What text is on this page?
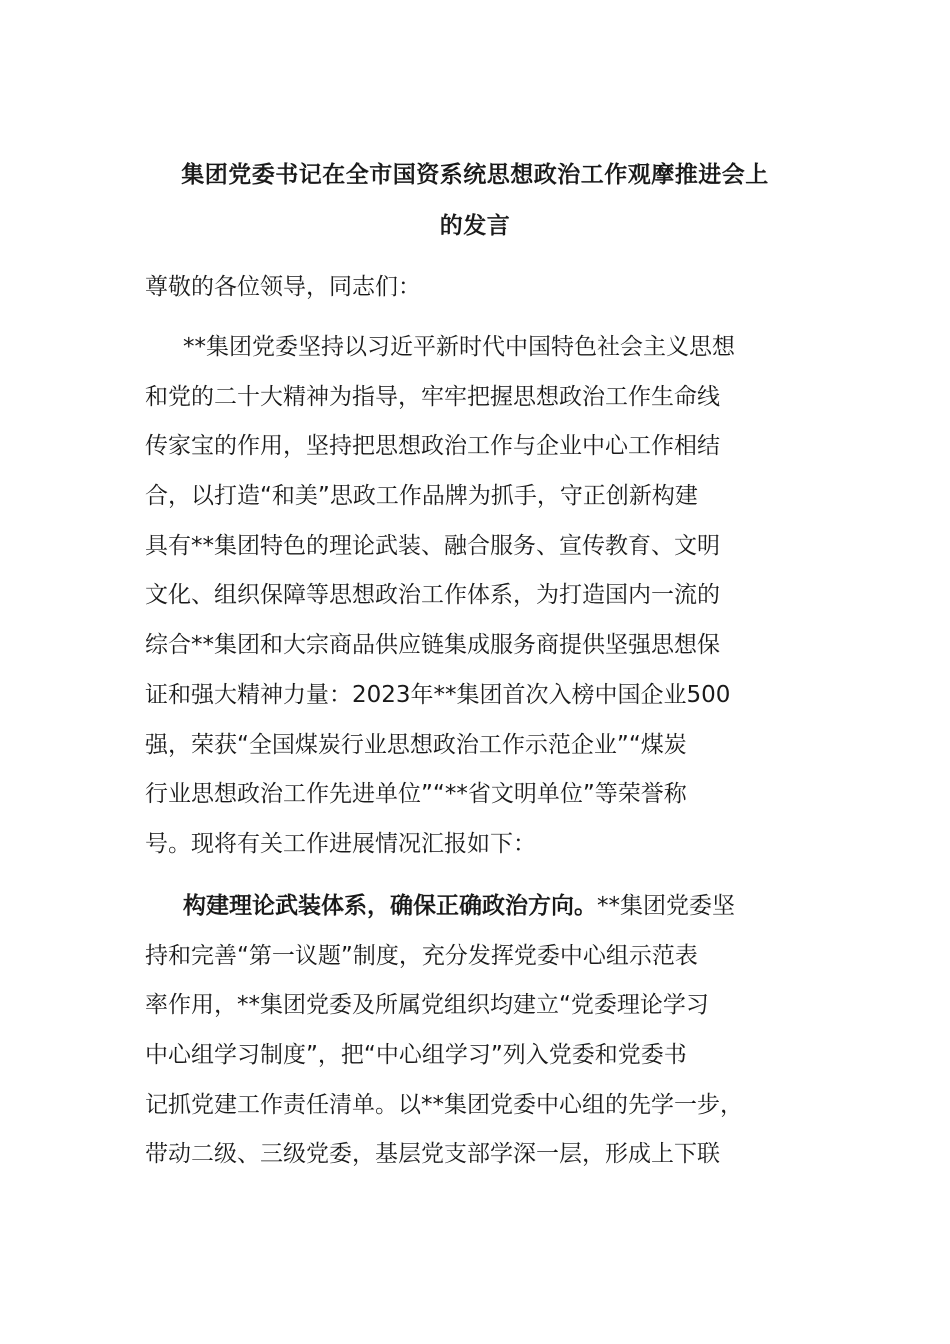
集团党委书记在全市国资系统思想政治工作观摩推进会上
的发言
尊敬的各位领导，同志们：
**集团党委坚持以习近平新时代中国特色社会主义思想
和党的二十大精神为指导，牢牢把握思想政治工作生命线
传家宝的作用，坚持把思想政治工作与企业中心工作相结
合，以打造“和美”思政工作品牌为抓手，守正创新构建
具有**集团特色的理论武装、融合服务、宣传教育、文明
文化、组织保障等思想政治工作体系，为打造国内一流的
综合**集团和大宗商品供应链集成服务商提供坚强思想保
证和强大精神力量：2023年**集团首次入榜中国企业500
强，荣获“全国煤炭行业思想政治工作示范企业”“煤炭
行业思想政治工作先进单位”“**省文明单位”等荣誉称
号。现将有关工作进展情况汇报如下：
构建理论武装体系，确保正确政治方向。**集团党委坚
持和完善“第一议题”制度，充分发挥党委中心组示范表
率作用，**集团党委及所属党组织均建立“党委理论学习
中心组学习制度”，把“中心组学习”列入党委和党委书
记抓党建工作责任清单。以**集团党委中心组的先学一步，
带动二级、三级党委，基层党支部学深一层，形成上下联
